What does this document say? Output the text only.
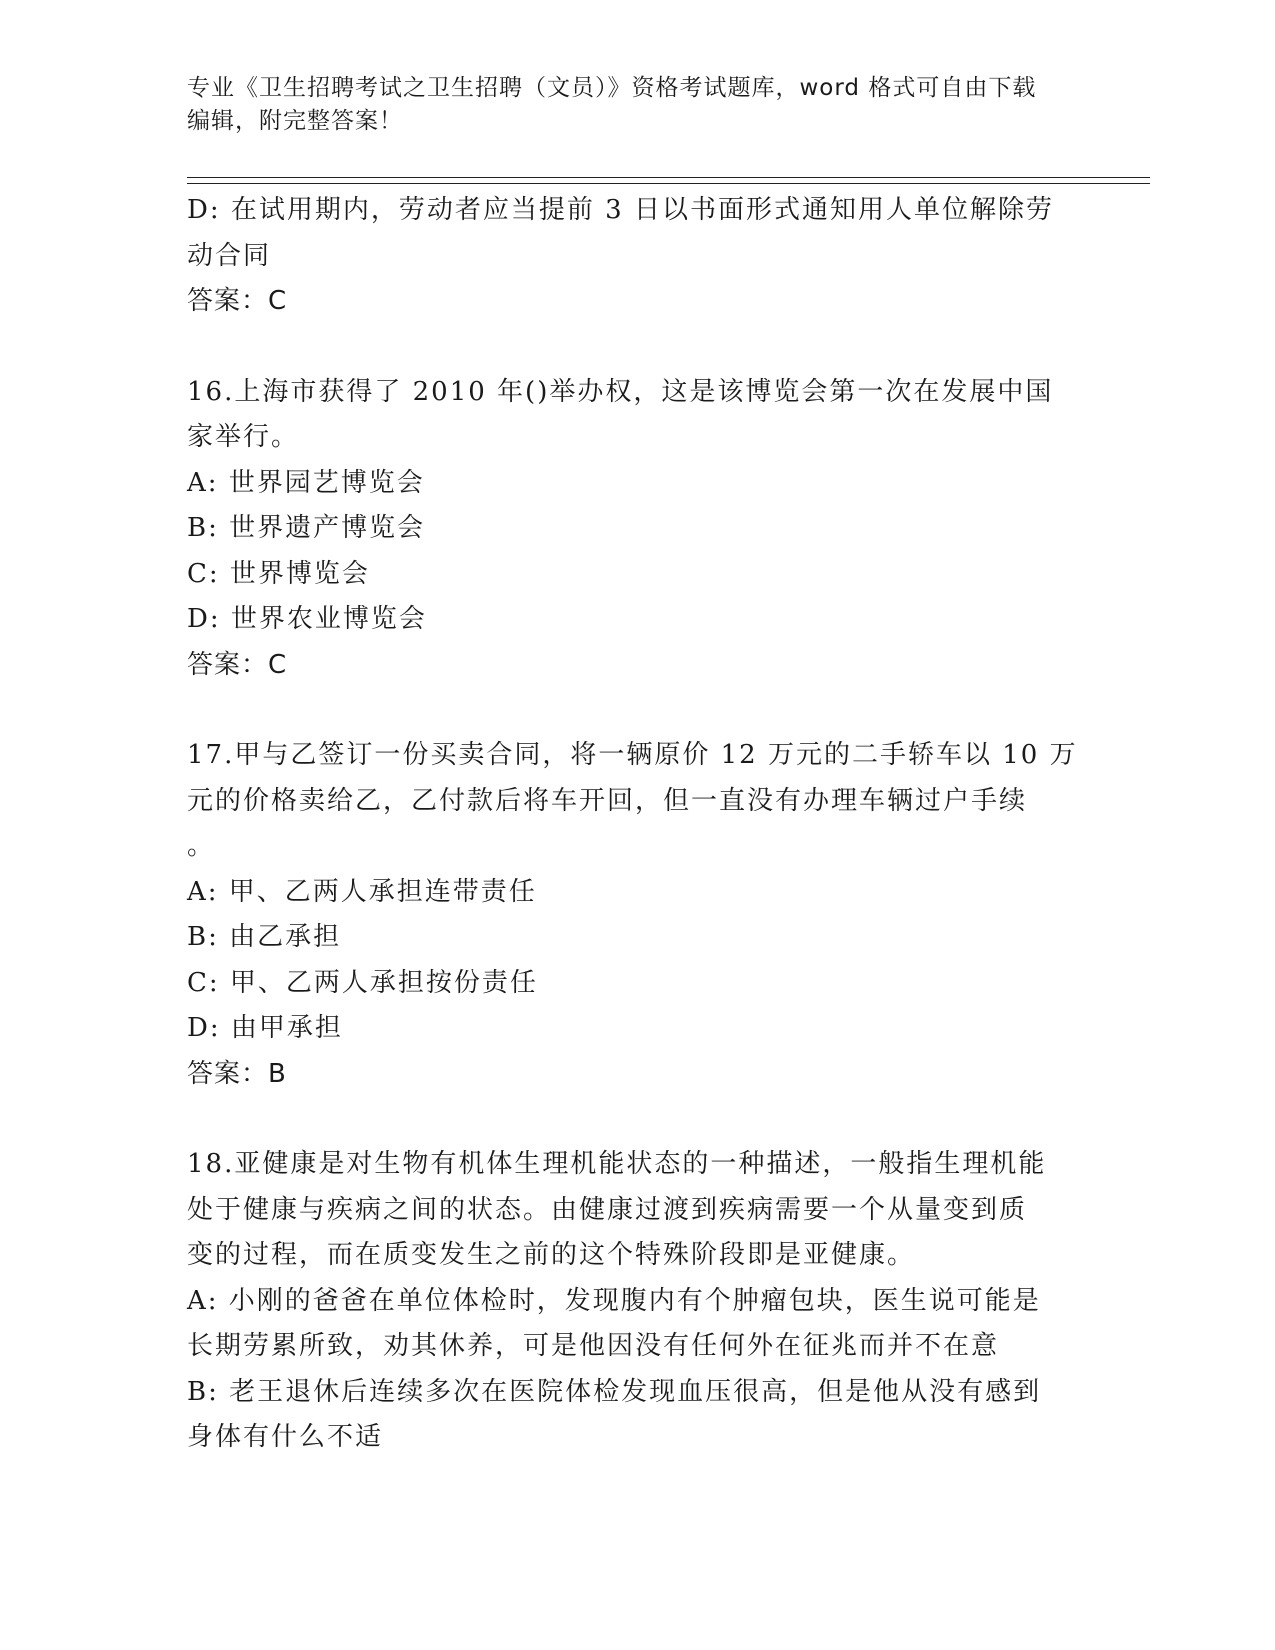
专业《卫生招聘考试之卫生招聘（文员）》资格考试题库，word 格式可自由下载
编辑，附完整答案！
D: 在试用期内，劳动者应当提前 3 日以书面形式通知用人单位解除劳
动合同
答案：C
16.上海市获得了 2010 年()举办权，这是该博览会第一次在发展中国
家举行。
A: 世界园艺博览会
B: 世界遗产博览会
C: 世界博览会
D: 世界农业博览会
答案：C
17.甲与乙签订一份买卖合同，将一辆原价 12 万元的二手轿车以 10 万
元的价格卖给乙，乙付款后将车开回，但一直没有办理车辆过户手续
。
A: 甲、乙两人承担连带责任
B: 由乙承担
C: 甲、乙两人承担按份责任
D: 由甲承担
答案：B
18.亚健康是对生物有机体生理机能状态的一种描述，一般指生理机能
处于健康与疾病之间的状态。由健康过渡到疾病需要一个从量变到质
变的过程，而在质变发生之前的这个特殊阶段即是亚健康。
A: 小刚的爸爸在单位体检时，发现腹内有个肿瘤包块，医生说可能是
长期劳累所致，劝其休养，可是他因没有任何外在征兆而并不在意
B: 老王退休后连续多次在医院体检发现血压很高，但是他从没有感到
身体有什么不适
